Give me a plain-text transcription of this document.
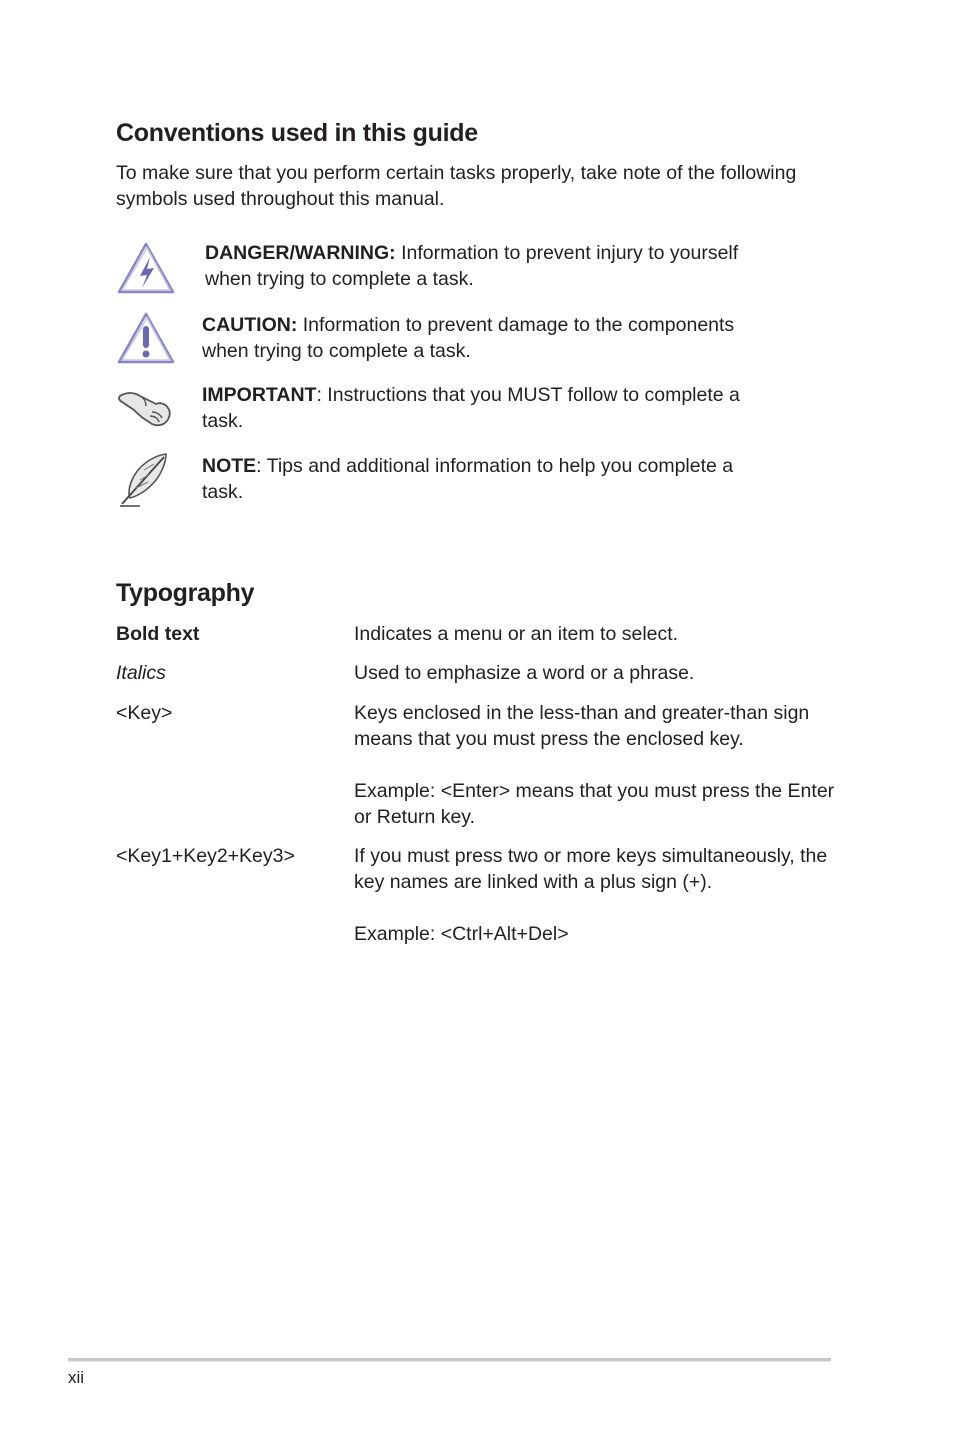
Conventions used in this guide

To make sure that you perform certain tasks properly, take note of the following symbols used throughout this manual.

DANGER/WARNING: Information to prevent injury to yourself when trying to complete a task.
CAUTION: Information to prevent damage to the components when trying to complete a task.
IMPORTANT: Instructions that you MUST follow to complete a task.
NOTE: Tips and additional information to help you complete a task.
Typography
Bold text	Indicates a menu or an item to select.
Italics	Used to emphasize a word or a phrase.
<Key>	Keys enclosed in the less-than and greater-than sign means that you must press the enclosed key.
Example: <Enter> means that you must press the Enter or Return key.
<Key1+Key2+Key3>	If you must press two or more keys simultaneously, the key names are linked with a plus sign (+).
Example: <Ctrl+Alt+Del>
xii
